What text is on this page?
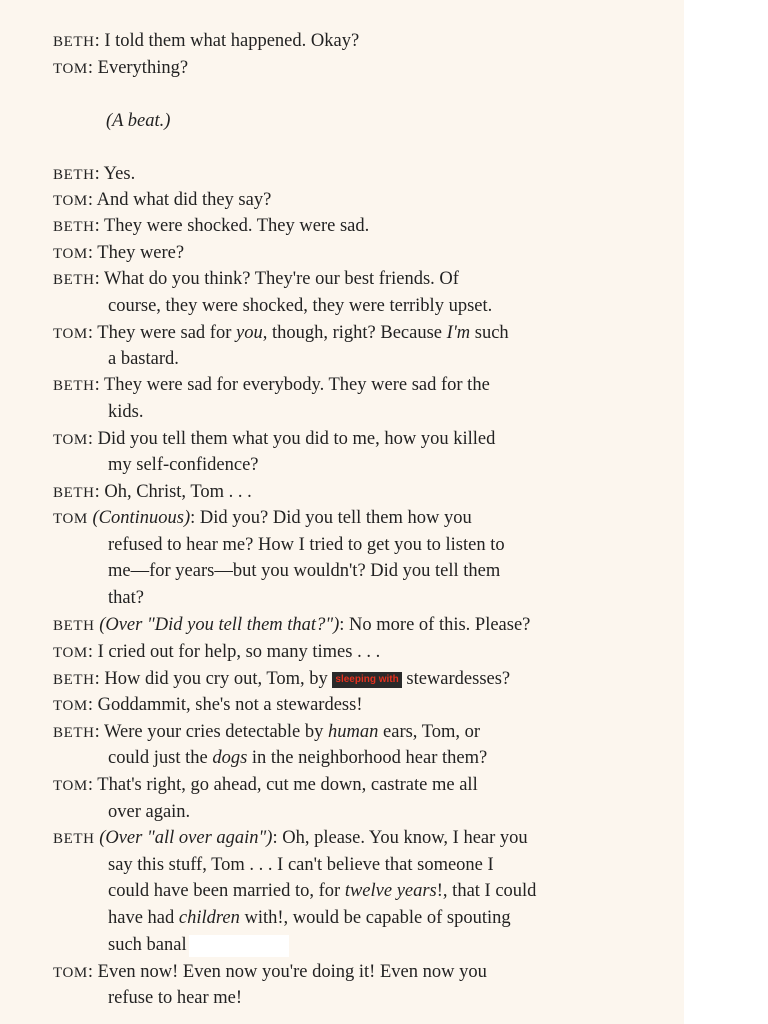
BETH: I told them what happened. Okay?
TOM: Everything?
(A beat.)
BETH: Yes.
TOM: And what did they say?
BETH: They were shocked. They were sad.
TOM: They were?
BETH: What do you think? They're our best friends. Of
course, they were shocked, they were terribly upset.
TOM: They were sad for you, though, right? Because I'm such
a bastard.
BETH: They were sad for everybody. They were sad for the
kids.
TOM: Did you tell them what you did to me, how you killed
my self-confidence?
BETH: Oh, Christ, Tom . . .
TOM (Continuous): Did you? Did you tell them how you
refused to hear me? How I tried to get you to listen to
me—for years—but you wouldn't? Did you tell them
that?
BETH (Over "Did you tell them that?"): No more of this. Please?
TOM: I cried out for help, so many times . . .
BETH: How did you cry out, Tom, by sleeping with stewardesses?
TOM: Goddammit, she's not a stewardess!
BETH: Were your cries detectable by human ears, Tom, or
could just the dogs in the neighborhood hear them?
TOM: That's right, go ahead, cut me down, castrate me all
over again.
BETH (Over "all over again"): Oh, please. You know, I hear you
say this stuff, Tom . . . I can't believe that someone I
could have been married to, for twelve years!, that I could
have had children with!, would be capable of spouting
such banal
TOM: Even now! Even now you're doing it! Even now you
refuse to hear me!
